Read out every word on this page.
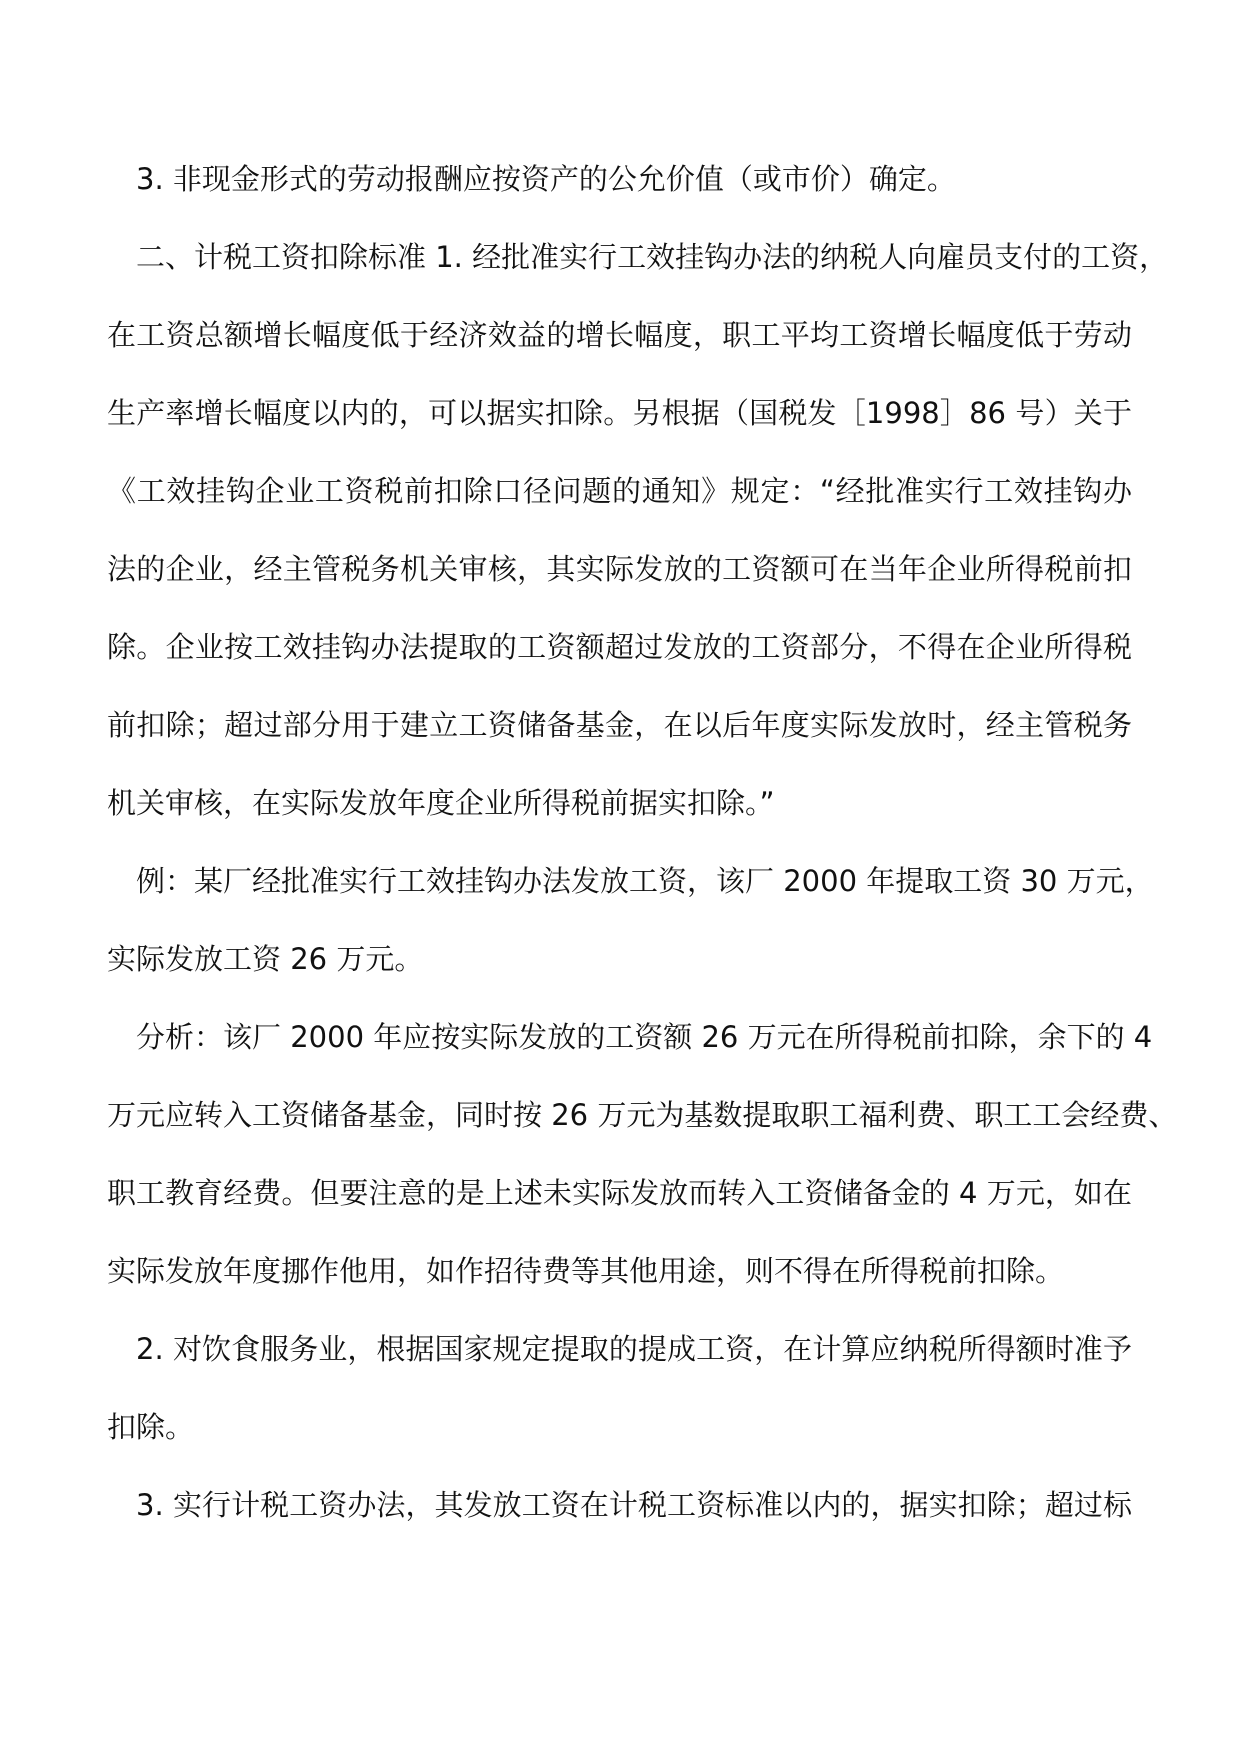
3. 非现金形式的劳动报酬应按资产的公允价值（或市价）确定。
二、计税工资扣除标准 1. 经批准实行工效挂钩办法的纳税人向雇员支付的工资，
在工资总额增长幅度低于经济效益的增长幅度，职工平均工资增长幅度低于劳动
生产率增长幅度以内的，可以据实扣除。另根据（国税发［1998］86 号）关于
《工效挂钩企业工资税前扣除口径问题的通知》规定：“经批准实行工效挂钩办
法的企业，经主管税务机关审核，其实际发放的工资额可在当年企业所得税前扣
除。企业按工效挂钩办法提取的工资额超过发放的工资部分，不得在企业所得税
前扣除；超过部分用于建立工资储备基金，在以后年度实际发放时，经主管税务
机关审核，在实际发放年度企业所得税前据实扣除。”
例：某厂经批准实行工效挂钩办法发放工资，该厂 2000 年提取工资 30 万元，
实际发放工资 26 万元。
分析：该厂 2000 年应按实际发放的工资额 26 万元在所得税前扣除，余下的 4
万元应转入工资储备基金，同时按 26 万元为基数提取职工福利费、职工工会经费、
职工教育经费。但要注意的是上述未实际发放而转入工资储备金的 4 万元，如在
实际发放年度挪作他用，如作招待费等其他用途，则不得在所得税前扣除。
2. 对饮食服务业，根据国家规定提取的提成工资，在计算应纳税所得额时准予
扣除。
3. 实行计税工资办法，其发放工资在计税工资标准以内的，据实扣除；超过标
